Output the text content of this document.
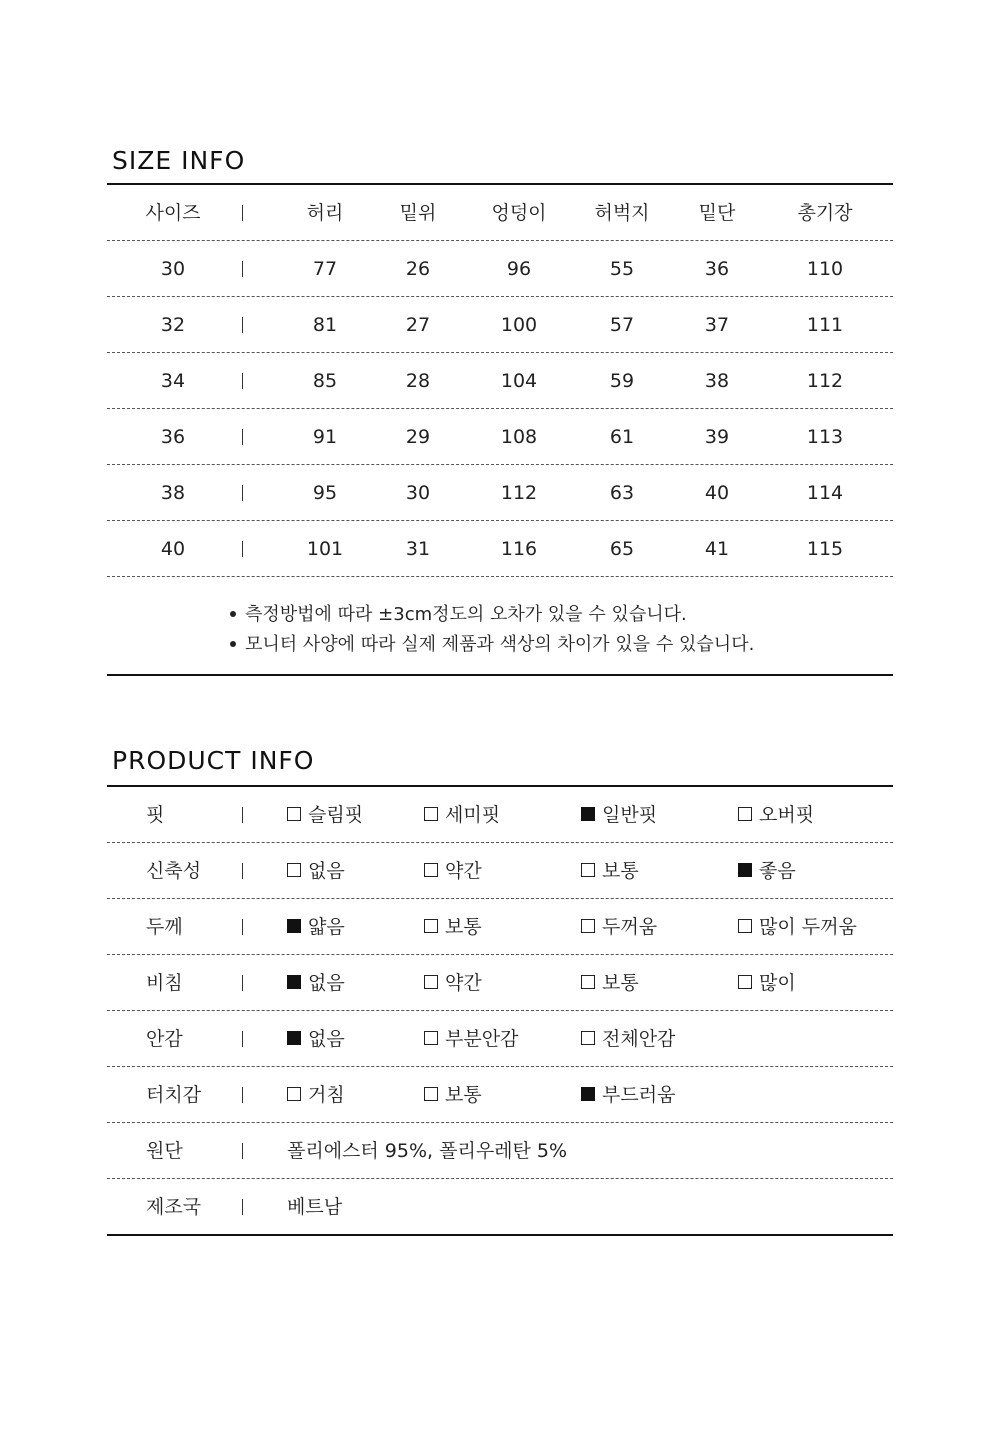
SIZE INFO
사이즈	허리	밑위	엉덩이	허벅지	밑단	총기장
30	77	26	96	55	36	110
32	81	27	100	57	37	111
34	85	28	104	59	38	112
36	91	29	108	61	39	113
38	95	30	112	63	40	114
40	101	31	116	65	41	115
측정방법에 따라 ±3cm정도의 오차가 있을 수 있습니다.
모니터 사양에 따라 실제 제품과 색상의 차이가 있을 수 있습니다.
PRODUCT INFO
핏	슬림핏	세미핏	일반핏	오버핏
신축성	없음	약간	보통	좋음
두께	얇음	보통	두꺼움	많이 두꺼움
비침	없음	약간	보통	많이
안감	없음	부분안감	전체안감
터치감	거침	보통	부드러움
원단	폴리에스터 95%, 폴리우레탄 5%
제조국	베트남
